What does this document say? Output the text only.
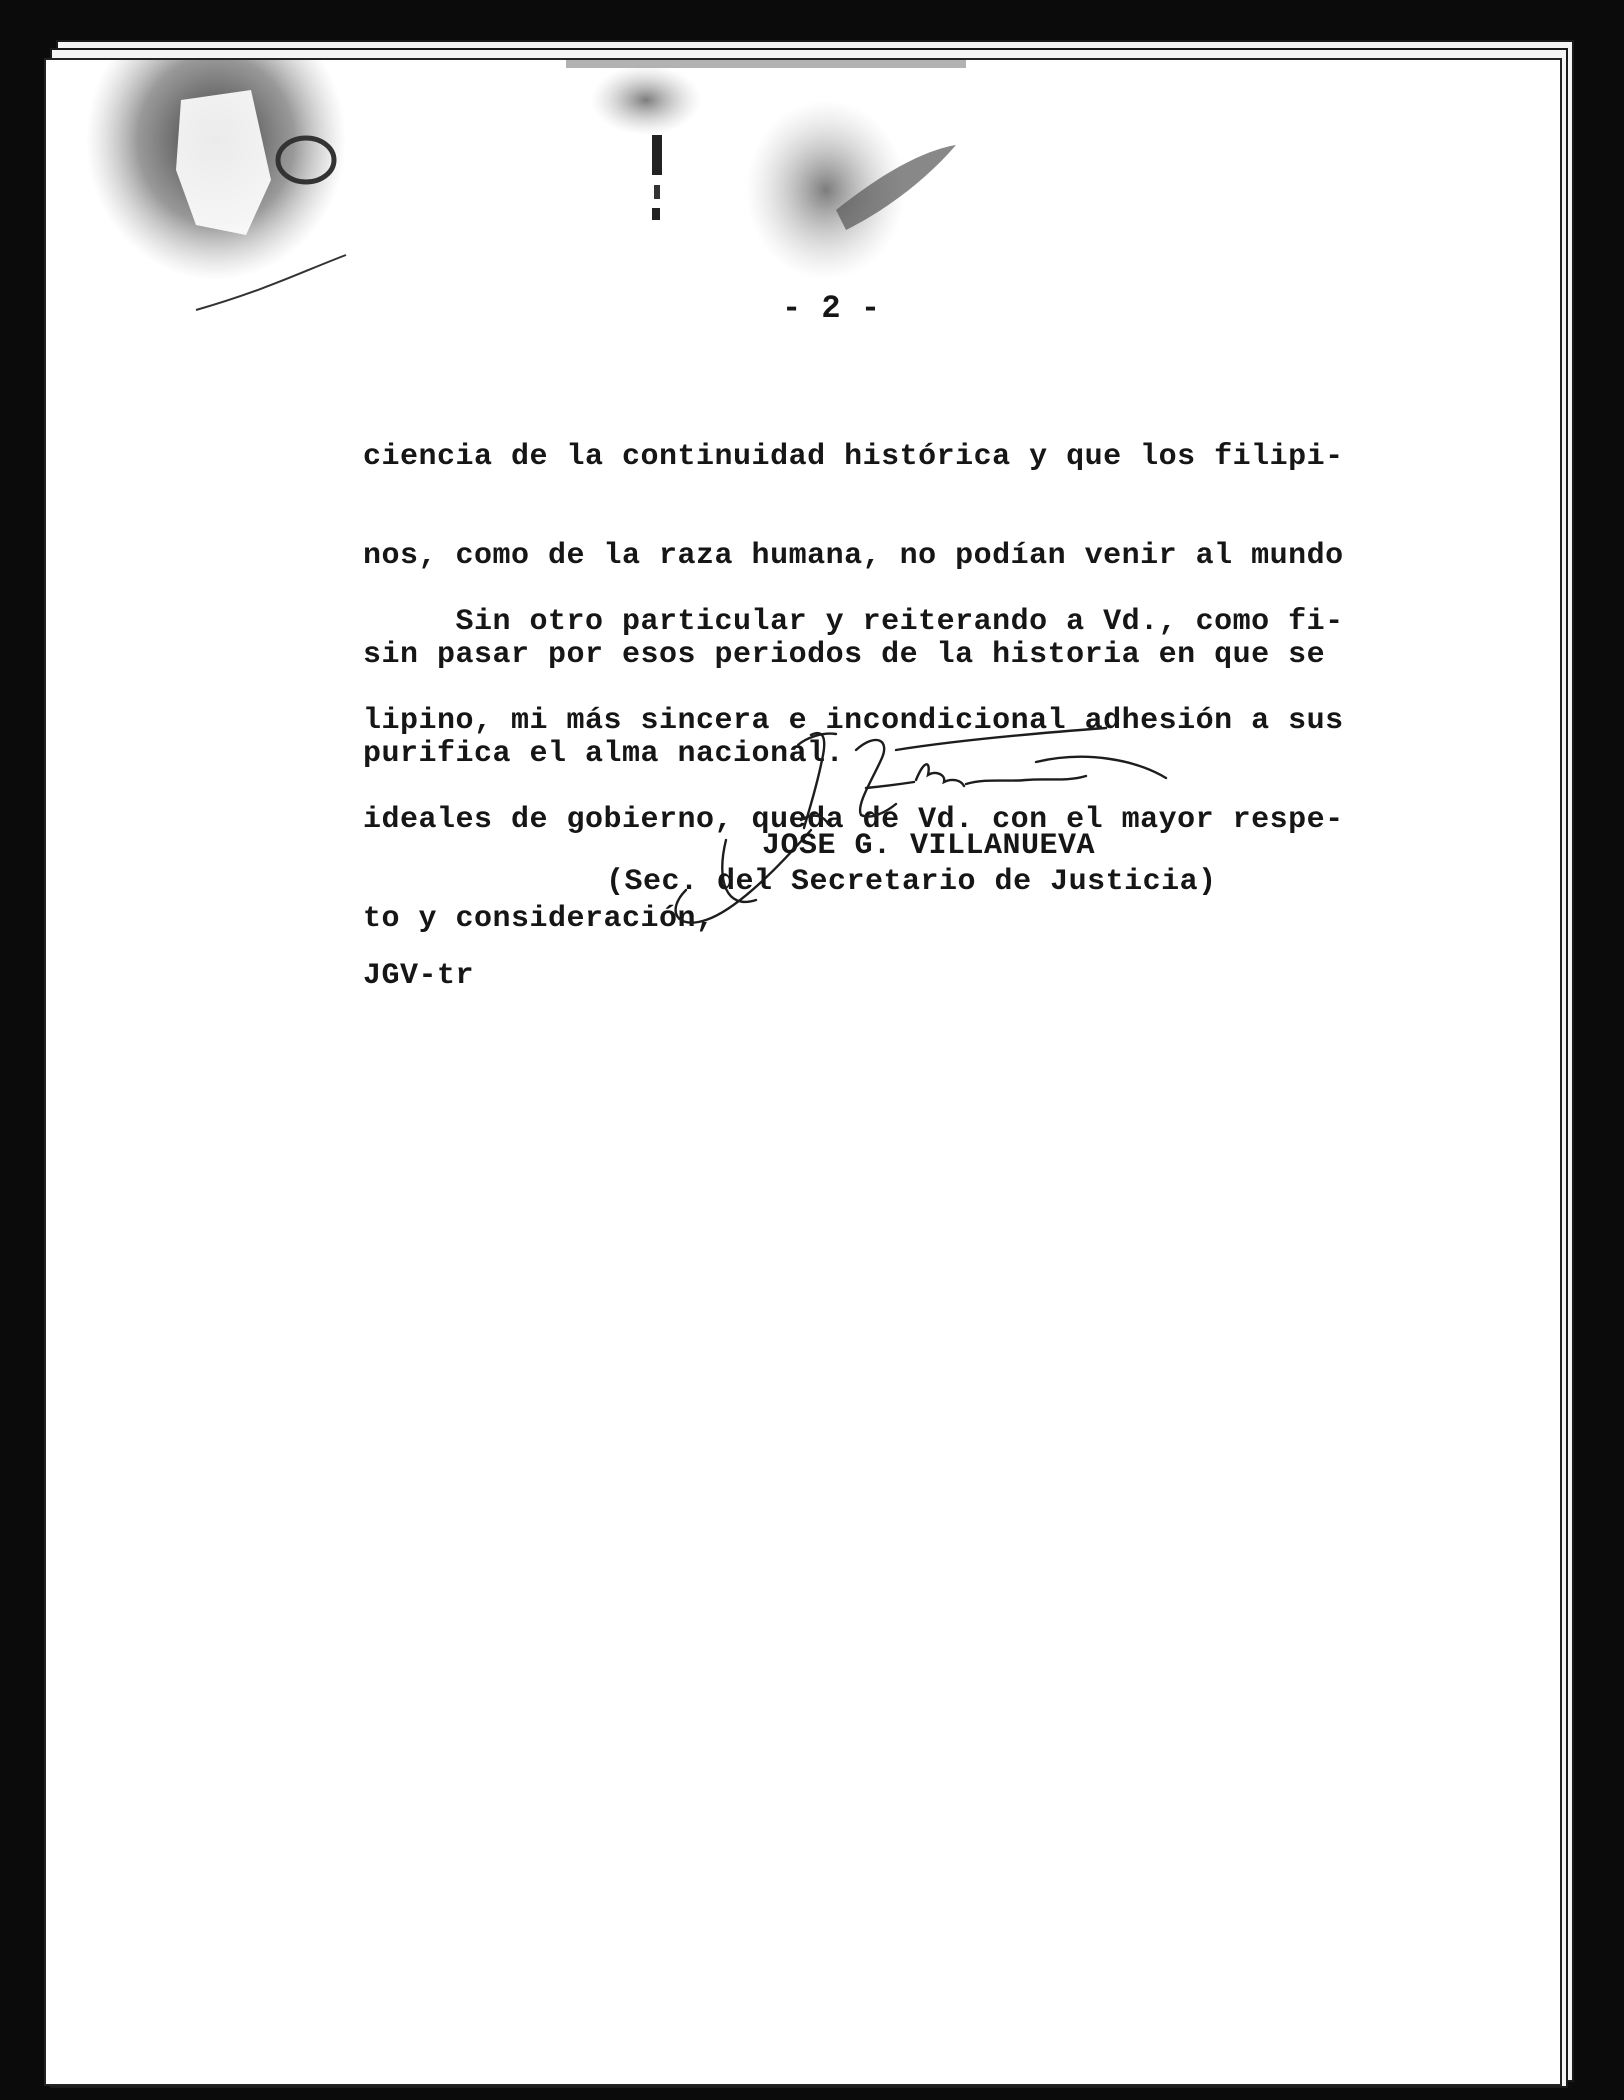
- 2 -

ciencia de la continuidad histórica y que los filipi-

nos, como de la raza humana, no podían venir al mundo

sin pasar por esos periodos de la historia en que se

purifica el alma nacional.

Sin otro particular y reiterando a Vd., como fi-

lipino, mi más sincera e incondicional adhesión a sus

ideales de gobierno, queda de Vd. con el mayor respe-

to y consideración,

JOSE G. VILLANUEVA
(Sec. del Secretario de Justicia)
JGV-tr
